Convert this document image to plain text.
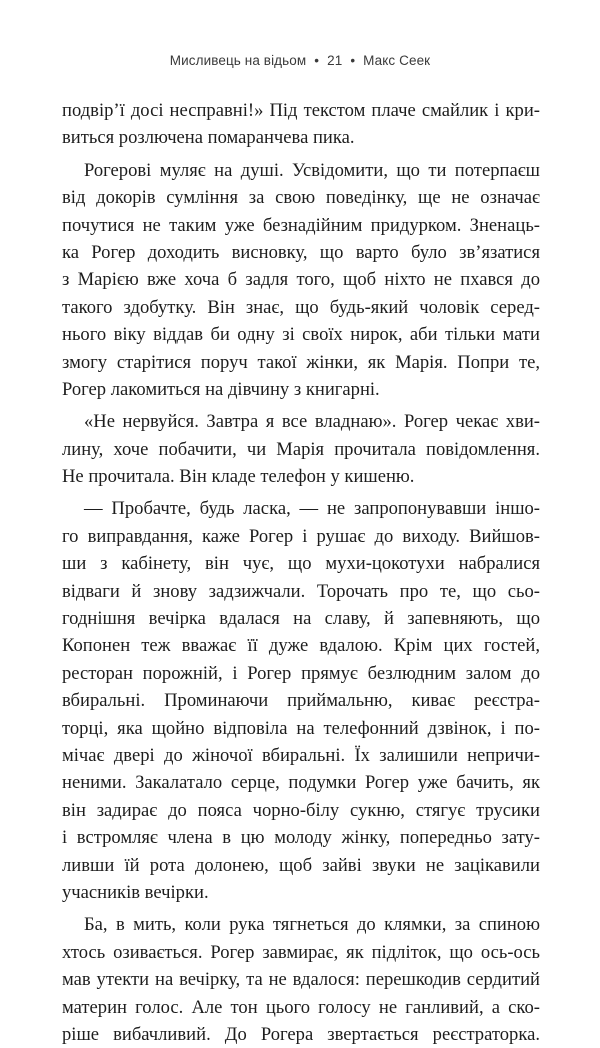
Мисливець на відьом • 21 • Макс Сеек
подвір’ї досі несправні!» Під текстом плаче смайлик і кри-
виться розлючена помаранчева пика.
Рогерові муляє на душі. Усвідомити, що ти потерпаєш
від докорів сумління за свою поведінку, ще не означає
почутися не таким уже безнадійним придурком. Зненаць-
ка Рогер доходить висновку, що варто було зв’язатися
з Марією вже хоча б задля того, щоб ніхто не пхався до
такого здобутку. Він знає, що будь-який чоловік серед-
нього віку віддав би одну зі своїх нирок, аби тільки мати
змогу старітися поруч такої жінки, як Марія. Попри те,
Рогер лакомиться на дівчину з книгарні.
«Не нервуйся. Завтра я все владнаю». Рогер чекає хви-
лину, хоче побачити, чи Марія прочитала повідомлення.
Не прочитала. Він кладе телефон у кишеню.
— Пробачте, будь ласка, — не запропонувавши іншо-
го виправдання, каже Рогер і рушає до виходу. Вийшов-
ши з кабінету, він чує, що мухи-цокотухи набралися
відваги й знову задзижчали. Торочать про те, що сьо-
годнішня вечірка вдалася на славу, й запевняють, що
Копонен теж вважає її дуже вдалою. Крім цих гостей,
ресторан порожній, і Рогер прямує безлюдним залом до
вбиральні. Проминаючи приймальню, киває реєстра-
торці, яка щойно відповіла на телефонний дзвінок, і по-
мічає двері до жіночої вбиральні. Їх залишили непричи-
неними. Закалатало серце, подумки Рогер уже бачить, як
він задирає до пояса чорно-білу сукню, стягує трусики
і встромляє члена в цю молоду жінку, попередньо зату-
ливши їй рота долонею, щоб зайві звуки не зацікавили
учасників вечірки.
Ба, в мить, коли рука тягнеться до клямки, за спиною
хтось озивається. Рогер завмирає, як підліток, що ось-ось
мав утекти на вечірку, та не вдалося: перешкодив сердитий
материн голос. Але тон цього голосу не ганливий, а ско-
ріше вибачливий. До Рогера звертається реєстраторка.
